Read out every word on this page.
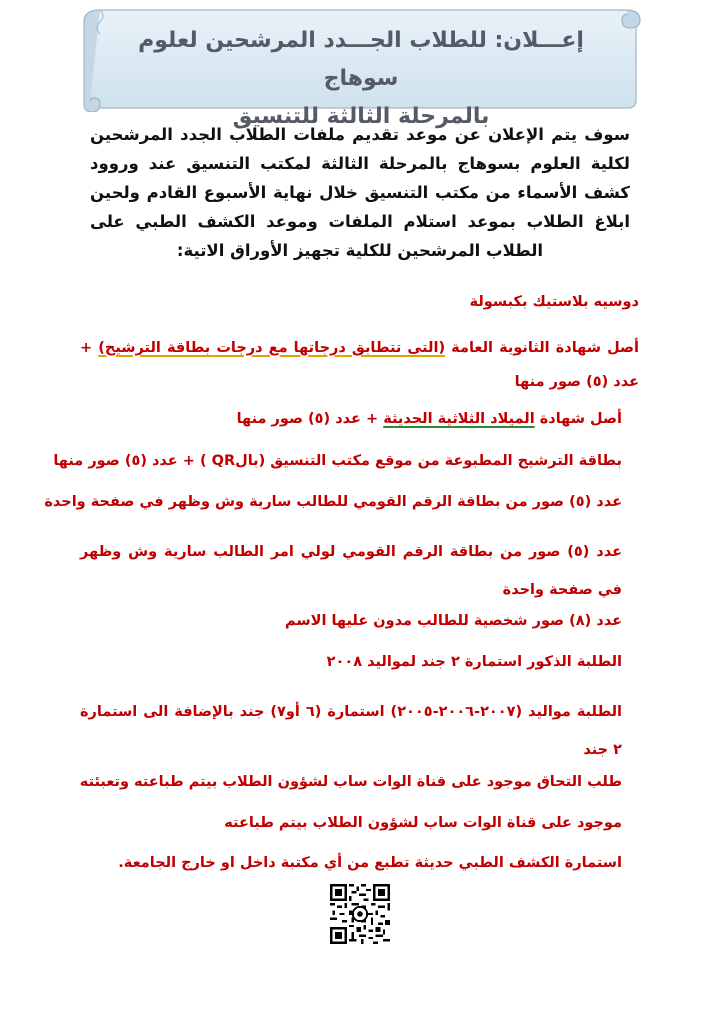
إعـــلان: للطلاب الجـــدد المرشحين لعلوم سوهاج
بالمرحلة الثالثة للتنسيق
سوف يتم الإعلان عن موعد تقديم ملفات الطلاب الجدد المرشحين لكلية العلوم بسوهاج بالمرحلة الثالثة لمكتب التنسيق عند وروود كشف الأسماء من مكتب التنسيق خلال نهاية الأسبوع القادم ولحين ابلاغ الطلاب بموعد استلام الملفات وموعد الكشف الطبي على الطلاب المرشحين للكلية تجهيز الأوراق الاتية:
دوسيه بلاستيك بكبسولة
أصل شهادة الثانوية العامة (التى تتطابق درجاتها مع درجات بطاقة الترشيح) + عدد (٥) صور منها
أصل شهادة الميلاد الثلاثية الحديثة + عدد (٥) صور منها
بطاقة الترشيح المطبوعة من موقع مكتب التنسيق (بالQR ) + عدد (٥) صور منها
عدد (٥) صور من بطاقة الرقم القومي للطالب سارية وش وظهر في صفحة واحدة
عدد (٥) صور من بطاقة الرقم القومي لولي امر الطالب سارية وش وظهر في صفحة واحدة
عدد (٨) صور شخصية للطالب مدون عليها الاسم
الطلبة الذكور استمارة ٢ جند لمواليد ٢٠٠٨
الطلبة مواليد (٢٠٠٧-٢٠٠٦-٢٠٠٥) استمارة (٦ أو٧) جند بالإضافة الى استمارة ٢ جند
طلب التحاق موجود على قناة الوات ساب لشؤون الطلاب بيتم طباعته وتعبئته
موجود على قناة الوات ساب لشؤون الطلاب بيتم طباعته
استمارة الكشف الطبي حديثة تطبع من أي مكتبة داخل او خارج الجامعة.
